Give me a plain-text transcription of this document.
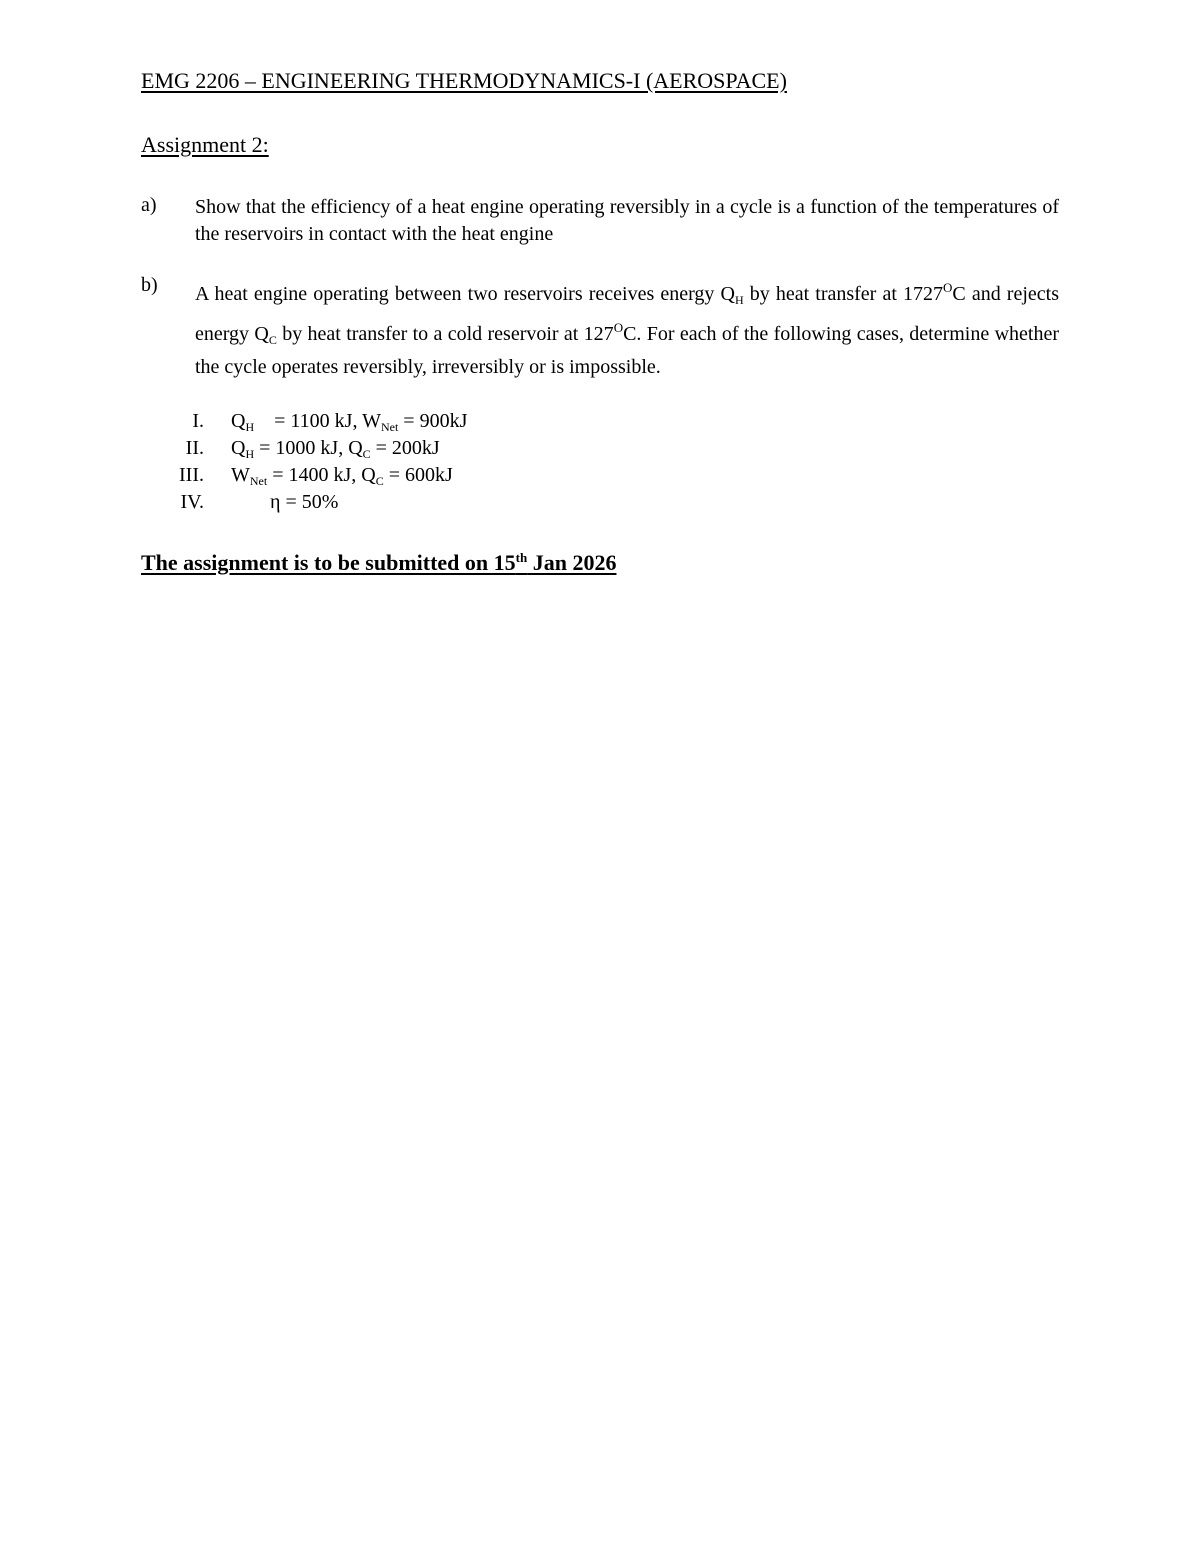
EMG 2206 – ENGINEERING THERMODYNAMICS-I (AEROSPACE)
Assignment 2:
a) Show that the efficiency of a heat engine operating reversibly in a cycle is a function of the temperatures of the reservoirs in contact with the heat engine
b) A heat engine operating between two reservoirs receives energy $Q_H$ by heat transfer at $1727^OC$ and rejects energy $Q_C$ by heat transfer to a cold reservoir at $127^OC$. For each of the following cases, determine whether the cycle operates reversibly, irreversibly or is impossible.
I. $Q_H$    = 1100 kJ, $W_{Net} = 900kJ$
II. $Q_H = 1000$ kJ, $Q_C = 200kJ$
III. $W_{Net} = 1400$ kJ, $Q_C = 600kJ$
IV.	η = 50%
The assignment is to be submitted on 15th Jan 2026
